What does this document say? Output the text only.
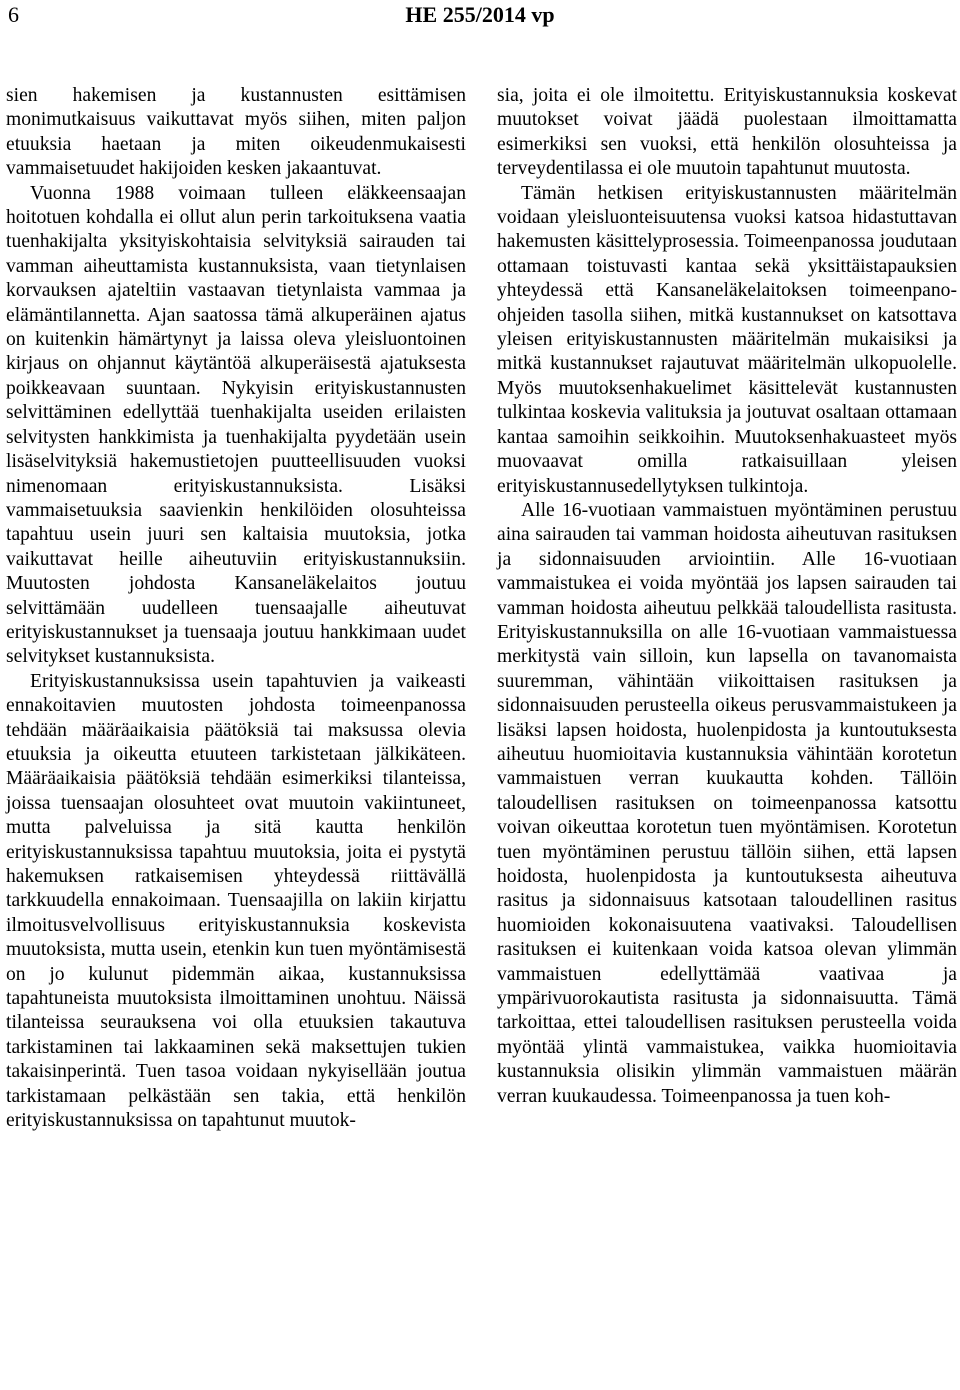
6	HE 255/2014 vp

sien hakemisen ja kustannusten esittämisen monimutkaisuus vaikuttavat myös siihen, miten paljon etuuksia haetaan ja miten oikeudenmukaisesti vammaisetuudet hakijoiden kesken jakaantuvat.

Vuonna 1988 voimaan tulleen eläkkeensaajan hoitotuen kohdalla ei ollut alun perin tarkoituksena vaatia tuenhakijalta yksityiskohtaisia selvityksiä sairauden tai vamman aiheuttamista kustannuksista, vaan tietynlaisen korvauksen ajateltiin vastaavan tietynlaista vammaa ja elämäntilannetta. Ajan saatossa tämä alkuperäinen ajatus on kuitenkin hämärtynyt ja laissa oleva yleisluontoinen kirjaus on ohjannut käytäntöä alkuperäisestä ajatuksesta poikkeavaan suuntaan. Nykyisin erityiskustannusten selvittäminen edellyttää tuenhakijalta useiden erilaisten selvitysten hankkimista ja tuenhakijalta pyydetään usein lisäselvityksiä hakemustietojen puutteellisuuden vuoksi nimenomaan erityiskustannuksista. Lisäksi vammaisetuuksia saavienkin henkilöiden olosuhteissa tapahtuu usein juuri sen kaltaisia muutoksia, jotka vaikuttavat heille aiheutuviin erityiskustannuksiin. Muutosten johdosta Kansaneläkelaitos joutuu selvittämään uudelleen tuensaajalle aiheutuvat erityiskustannukset ja tuensaaja joutuu hankkimaan uudet selvitykset kustannuksista.

Erityiskustannuksissa usein tapahtuvien ja vaikeasti ennakoitavien muutosten johdosta toimeenpanossa tehdään määräaikaisia päätöksiä tai maksussa olevia etuuksia ja oikeutta etuuteen tarkistetaan jälkikäteen. Määräaikaisia päätöksiä tehdään esimerkiksi tilanteissa, joissa tuensaajan olosuhteet ovat muutoin vakiintuneet, mutta palveluissa ja sitä kautta henkilön erityiskustannuksissa tapahtuu muutoksia, joita ei pystytä hakemuksen ratkaisemisen yhteydessä riittävällä tarkkuudella ennakoimaan. Tuensaajilla on lakiin kirjattu ilmoitusvelvollisuus erityiskustannuksia koskevista muutoksista, mutta usein, etenkin kun tuen myöntämisestä on jo kulunut pidemmän aikaa, kustannuksissa tapahtuneista muutoksista ilmoittaminen unohtuu. Näissä tilanteissa seurauksena voi olla etuuksien takautuva tarkistaminen tai lakkaaminen sekä maksettujen tukien takaisinperintä. Tuen tasoa voidaan nykyisellään joutua tarkistamaan pelkästään sen takia, että henkilön erityiskustannuksissa on tapahtunut muutok-

sia, joita ei ole ilmoitettu. Erityiskustannuksia koskevat muutokset voivat jäädä puolestaan ilmoittamatta esimerkiksi sen vuoksi, että henkilön olosuhteissa ja terveydentilassa ei ole muutoin tapahtunut muutosta.

Tämän hetkisen erityiskustannusten määritelmän voidaan yleisluonteisuutensa vuoksi katsoa hidastuttavan hakemusten käsittelyprosessia. Toimeenpanossa joudutaan ottamaan toistuvasti kantaa sekä yksittäistapauksien yhteydessä että Kansaneläkelaitoksen toimeenpano-ohjeiden tasolla siihen, mitkä kustannukset on katsottava yleisen erityiskustannusten määritelmän mukaisiksi ja mitkä kustannukset rajautuvat määritelmän ulkopuolelle. Myös muutoksenhakuelimet käsittelevät kustannusten tulkintaa koskevia valituksia ja joutuvat osaltaan ottamaan kantaa samoihin seikkoihin. Muutoksenhakuasteet myös muovaavat omilla ratkaisuillaan yleisen erityiskustannusedellytyksen tulkintoja.

Alle 16-vuotiaan vammaistuen myöntäminen perustuu aina sairauden tai vamman hoidosta aiheutuvan rasituksen ja sidonnaisuuden arviointiin. Alle 16-vuotiaan vammaistukea ei voida myöntää jos lapsen sairauden tai vamman hoidosta aiheutuu pelkkää taloudellista rasitusta. Erityiskustannuksilla on alle 16-vuotiaan vammaistuessa merkitystä vain silloin, kun lapsella on tavanomaista suuremman, vähintään viikoittaisen rasituksen ja sidonnaisuuden perusteella oikeus perusvammaistukeen ja lisäksi lapsen hoidosta, huolenpidosta ja kuntoutuksesta aiheutuu huomioitavia kustannuksia vähintään korotetun vammaistuen verran kuukautta kohden. Tällöin taloudellisen rasituksen on toimeenpanossa katsottu voivan oikeuttaa korotetun tuen myöntämisen. Korotetun tuen myöntäminen perustuu tällöin siihen, että lapsen hoidosta, huolenpidosta ja kuntoutuksesta aiheutuva rasitus ja sidonnaisuus katsotaan taloudellinen rasitus huomioiden kokonaisuutena vaativaksi. Taloudellisen rasituksen ei kuitenkaan voida katsoa olevan ylimmän vammaistuen edellyttämää vaativaa ja ympärivuorokautista rasitusta ja sidonnaisuutta. Tämä tarkoittaa, ettei taloudellisen rasituksen perusteella voida myöntää ylintä vammaistukea, vaikka huomioitavia kustannuksia olisikin ylimmän vammaistuen määrän verran kuukaudessa. Toimeenpanossa ja tuen koh-
